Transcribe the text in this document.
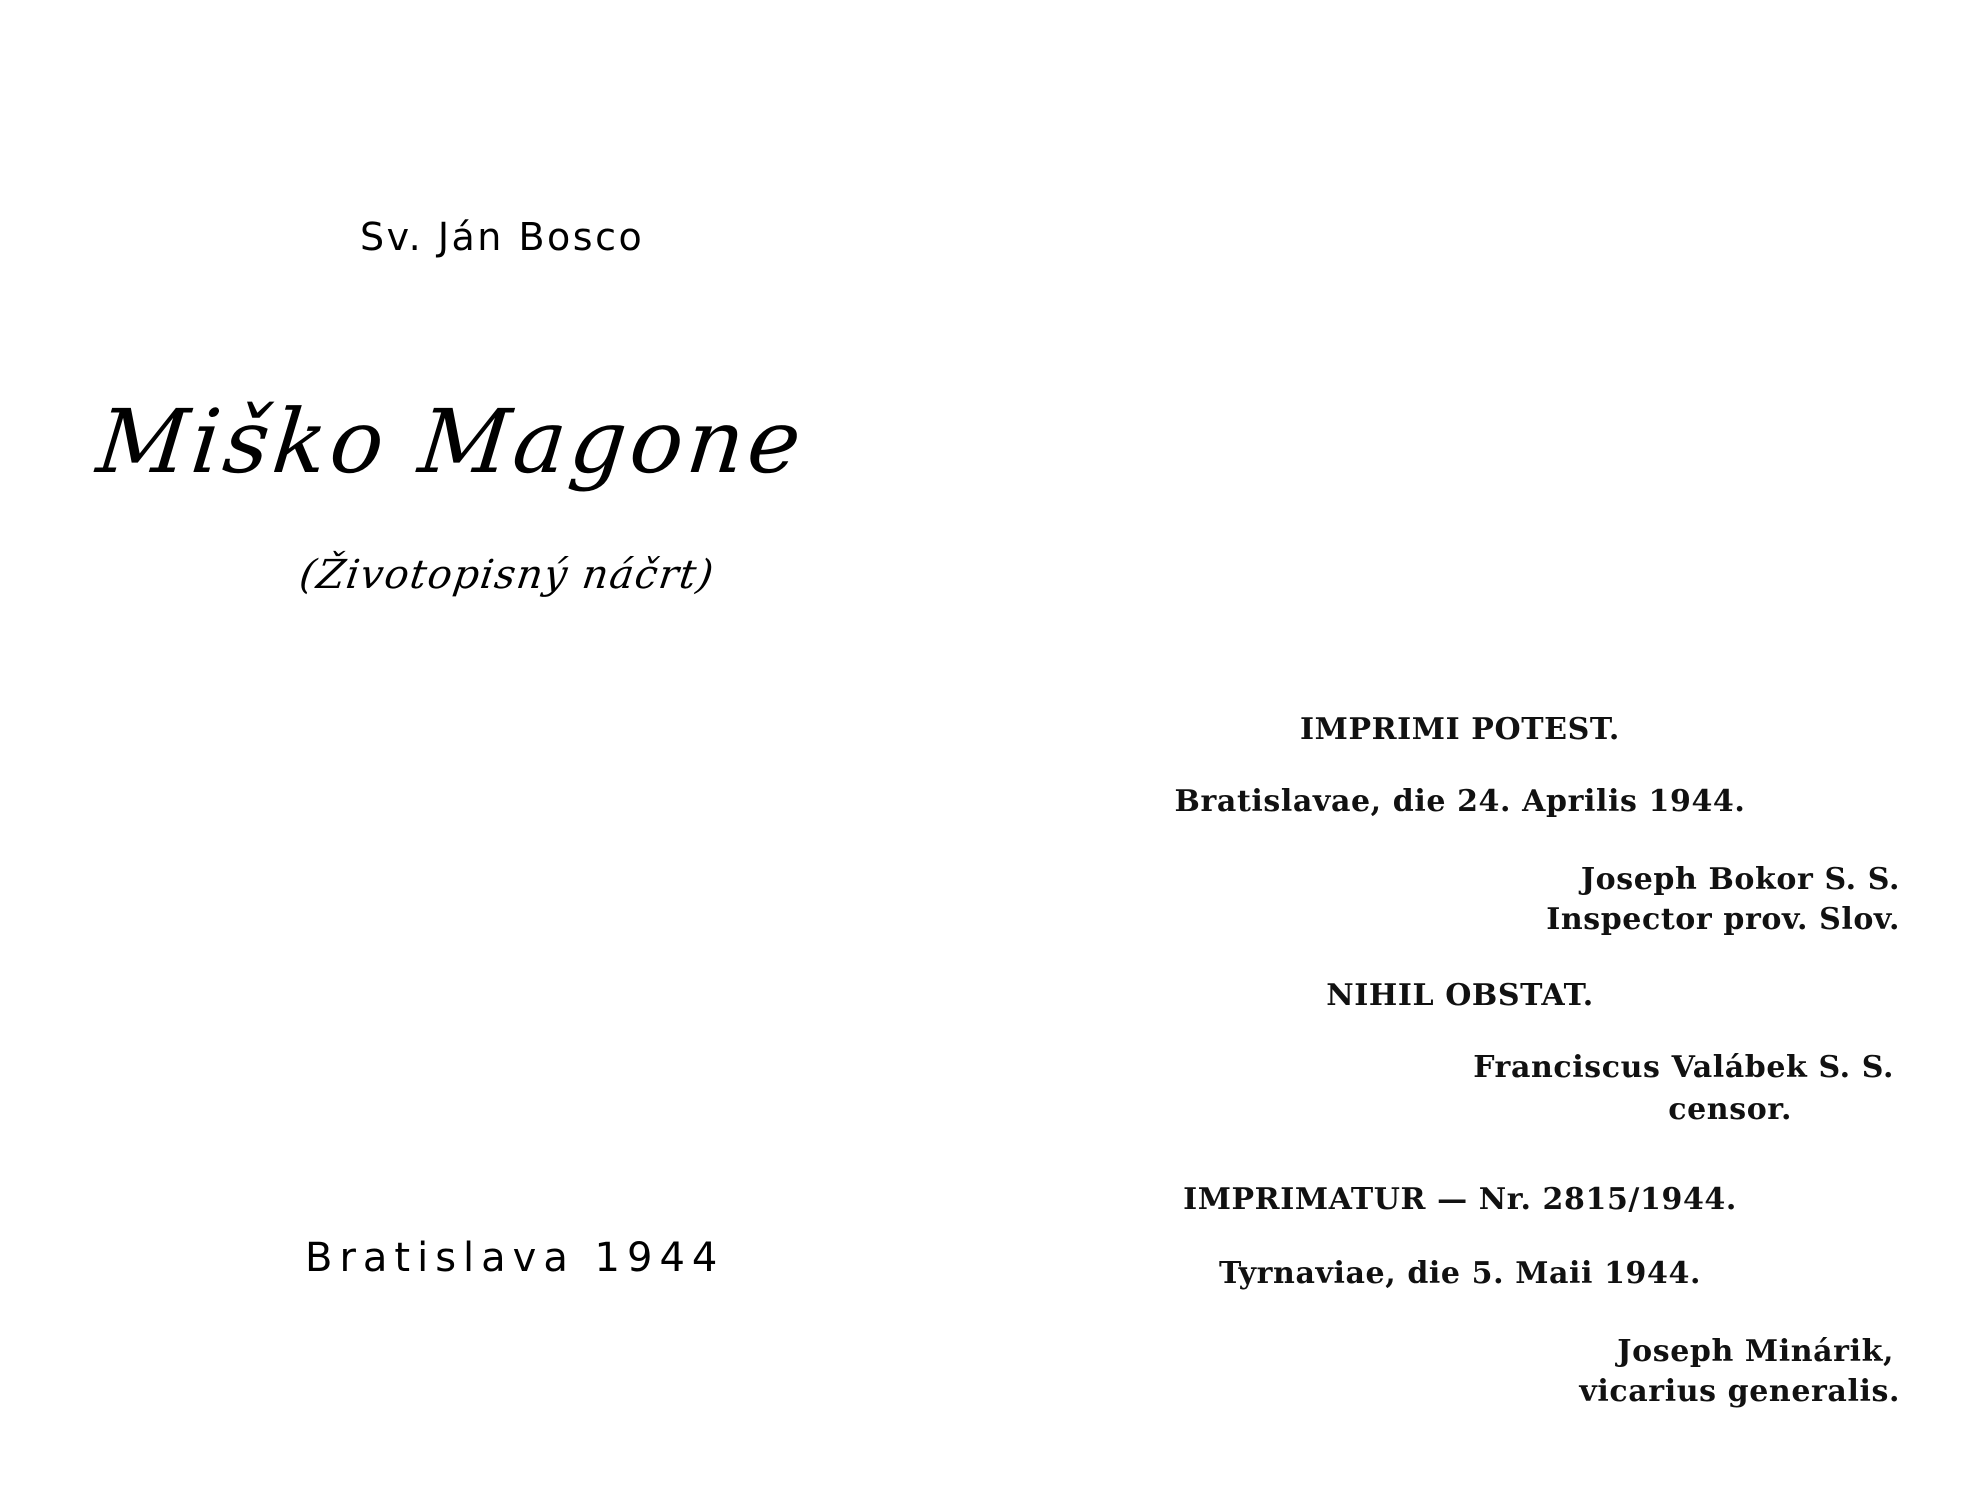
Sv. Ján Bosco
Miško Magone
(Životopisný náčrt)
Bratislava 1944
IMPRIMI POTEST.
Bratislavae, die 24. Aprilis 1944.
Joseph Bokor S. S.
Inspector prov. Slov.
NIHIL OBSTAT.
Franciscus Valábek S. S.
censor.
IMPRIMATUR — Nr. 2815/1944.
Tyrnaviae, die 5. Maii 1944.
Joseph Minárik,
vicarius generalis.
